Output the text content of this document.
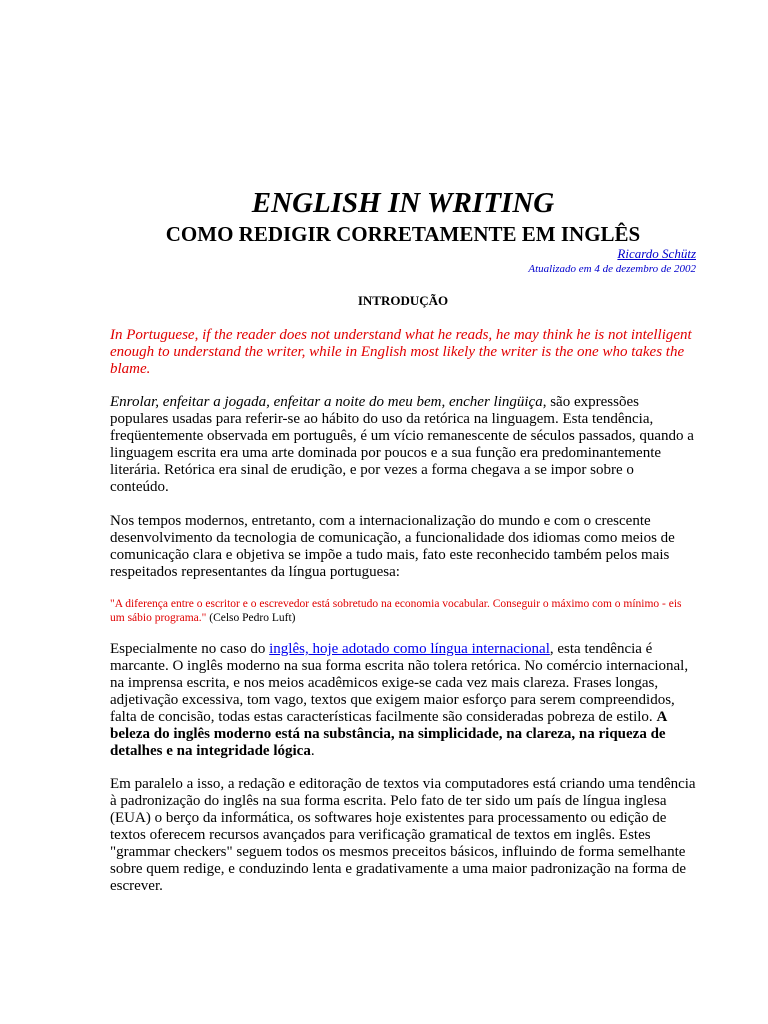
ENGLISH IN WRITING
COMO REDIGIR CORRETAMENTE EM INGLÊS
Ricardo Schütz
Atualizado em 4 de dezembro de 2002
INTRODUÇÃO

In Portuguese, if the reader does not understand what he reads, he may think he is not intelligent enough to understand the writer, while in English most likely the writer is the one who takes the blame.

Enrolar, enfeitar a jogada, enfeitar a noite do meu bem, encher lingüiça, são expressões populares usadas para referir-se ao hábito do uso da retórica na linguagem. Esta tendência, freqüentemente observada em português, é um vício remanescente de séculos passados, quando a linguagem escrita era uma arte dominada por poucos e a sua função era predominantemente literária. Retórica era sinal de erudição, e por vezes a forma chegava a se impor sobre o conteúdo.

Nos tempos modernos, entretanto, com a internacionalização do mundo e com o crescente desenvolvimento da tecnologia de comunicação, a funcionalidade dos idiomas como meios de comunicação clara e objetiva se impõe a tudo mais, fato este reconhecido também pelos mais respeitados representantes da língua portuguesa:

"A diferença entre o escritor e o escrevedor está sobretudo na economia vocabular. Conseguir o máximo com o mínimo - eis um sábio programa." (Celso Pedro Luft)

Especialmente no caso do inglês, hoje adotado como língua internacional, esta tendência é marcante. O inglês moderno na sua forma escrita não tolera retórica. No comércio internacional, na imprensa escrita, e nos meios acadêmicos exige-se cada vez mais clareza. Frases longas, adjetivação excessiva, tom vago, textos que exigem maior esforço para serem compreendidos, falta de concisão, todas estas características facilmente são consideradas pobreza de estilo. A beleza do inglês moderno está na substância, na simplicidade, na clareza, na riqueza de detalhes e na integridade lógica.

Em paralelo a isso, a redação e editoração de textos via computadores está criando uma tendência à padronização do inglês na sua forma escrita. Pelo fato de ter sido um país de língua inglesa (EUA) o berço da informática, os softwares hoje existentes para processamento ou edição de textos oferecem recursos avançados para verificação gramatical de textos em inglês. Estes "grammar checkers" seguem todos os mesmos preceitos básicos, influindo de forma semelhante sobre quem redige, e conduzindo lenta e gradativamente a uma maior padronização na forma de escrever.
